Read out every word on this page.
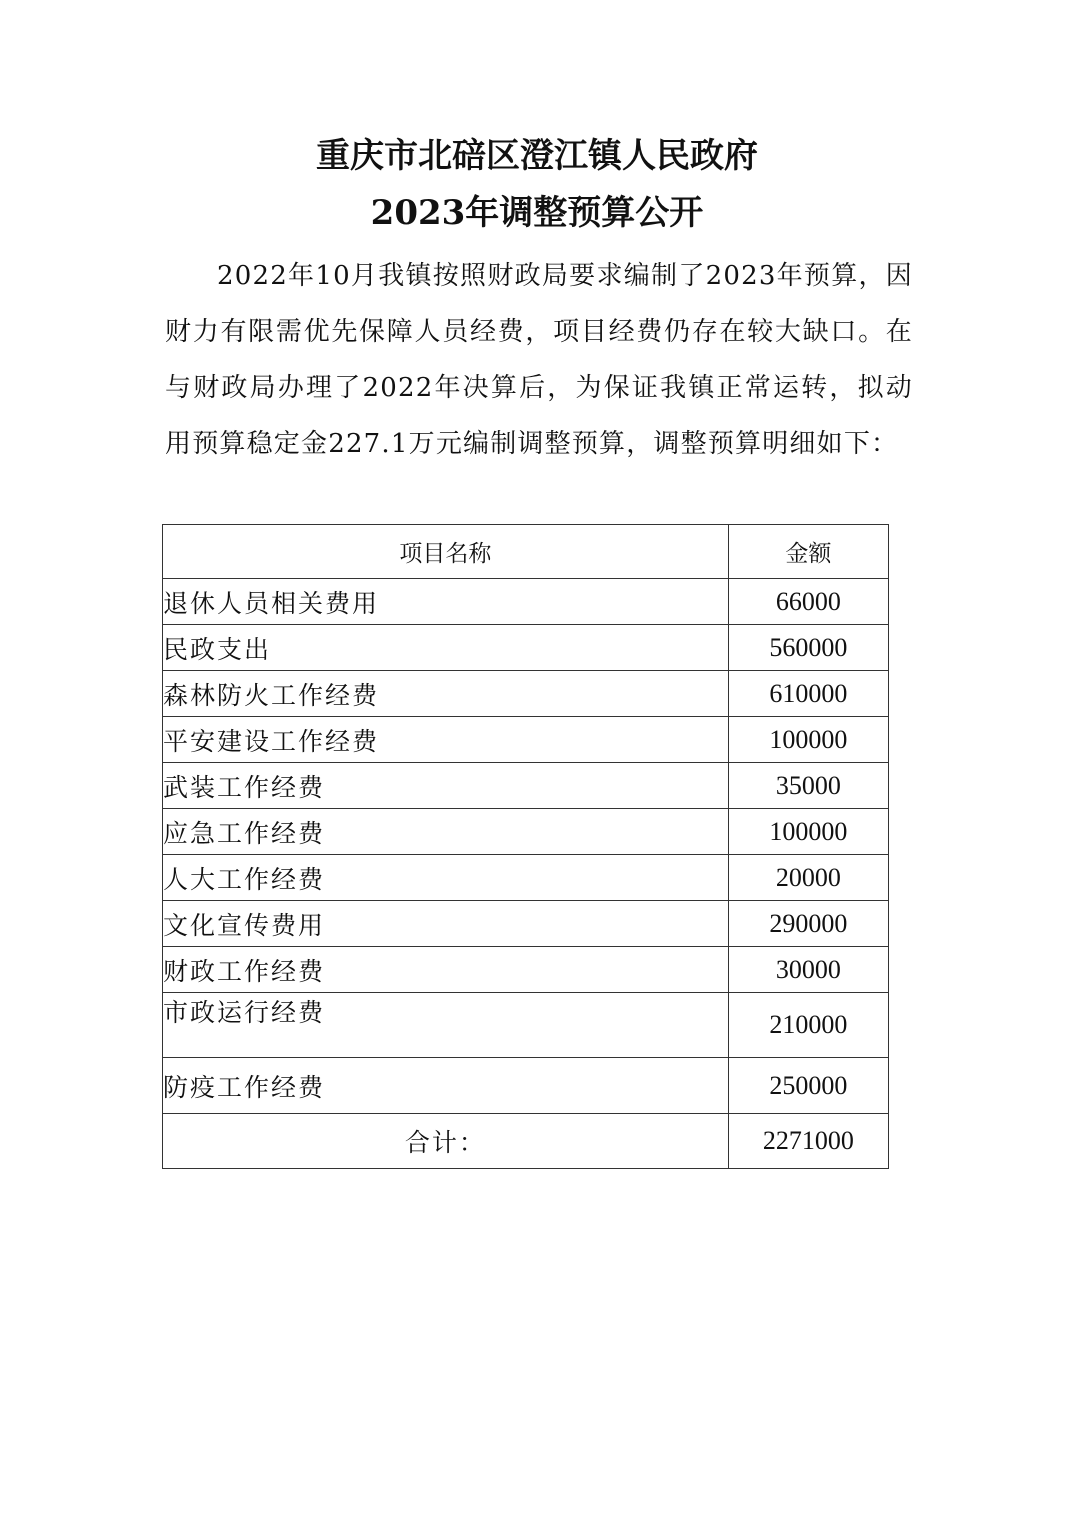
重庆市北碚区澄江镇人民政府
2023年调整预算公开

2022年10月我镇按照财政局要求编制了2023年预算，因财力有限需优先保障人员经费，项目经费仍存在较大缺口。在与财政局办理了2022年决算后，为保证我镇正常运转，拟动用预算稳定金227.1万元编制调整预算，调整预算明细如下：

项目名称	金额
退休人员相关费用	66000
民政支出	560000
森林防火工作经费	610000
平安建设工作经费	100000
武装工作经费	35000
应急工作经费	100000
人大工作经费	20000
文化宣传费用	290000
财政工作经费	30000
市政运行经费	210000
防疫工作经费	250000
合计：	2271000
